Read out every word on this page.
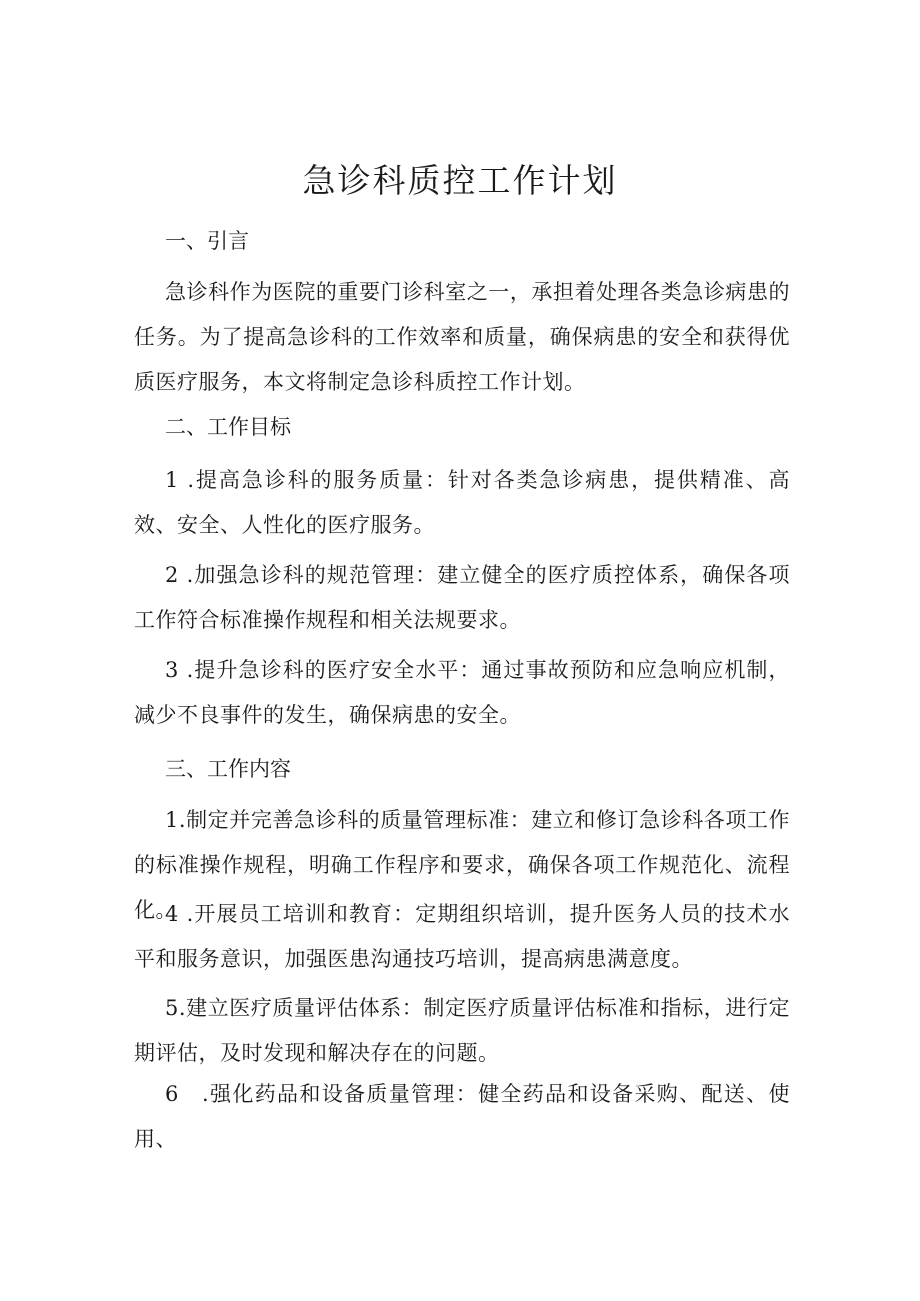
急诊科质控工作计划
一、引言
急诊科作为医院的重要门诊科室之一，承担着处理各类急诊病患的任务。为了提高急诊科的工作效率和质量，确保病患的安全和获得优质医疗服务，本文将制定急诊科质控工作计划。
二、工作目标
1 .提高急诊科的服务质量：针对各类急诊病患，提供精准、高效、安全、人性化的医疗服务。
2 .加强急诊科的规范管理：建立健全的医疗质控体系，确保各项工作符合标准操作规程和相关法规要求。
3 .提升急诊科的医疗安全水平：通过事故预防和应急响应机制，减少不良事件的发生，确保病患的安全。
三、工作内容
1.制定并完善急诊科的质量管理标准：建立和修订急诊科各项工作的标准操作规程，明确工作程序和要求，确保各项工作规范化、流程化。
4 .开展员工培训和教育：定期组织培训，提升医务人员的技术水平和服务意识，加强医患沟通技巧培训，提高病患满意度。
5.建立医疗质量评估体系：制定医疗质量评估标准和指标，进行定期评估，及时发现和解决存在的问题。
6　.强化药品和设备质量管理：健全药品和设备采购、配送、使用、
